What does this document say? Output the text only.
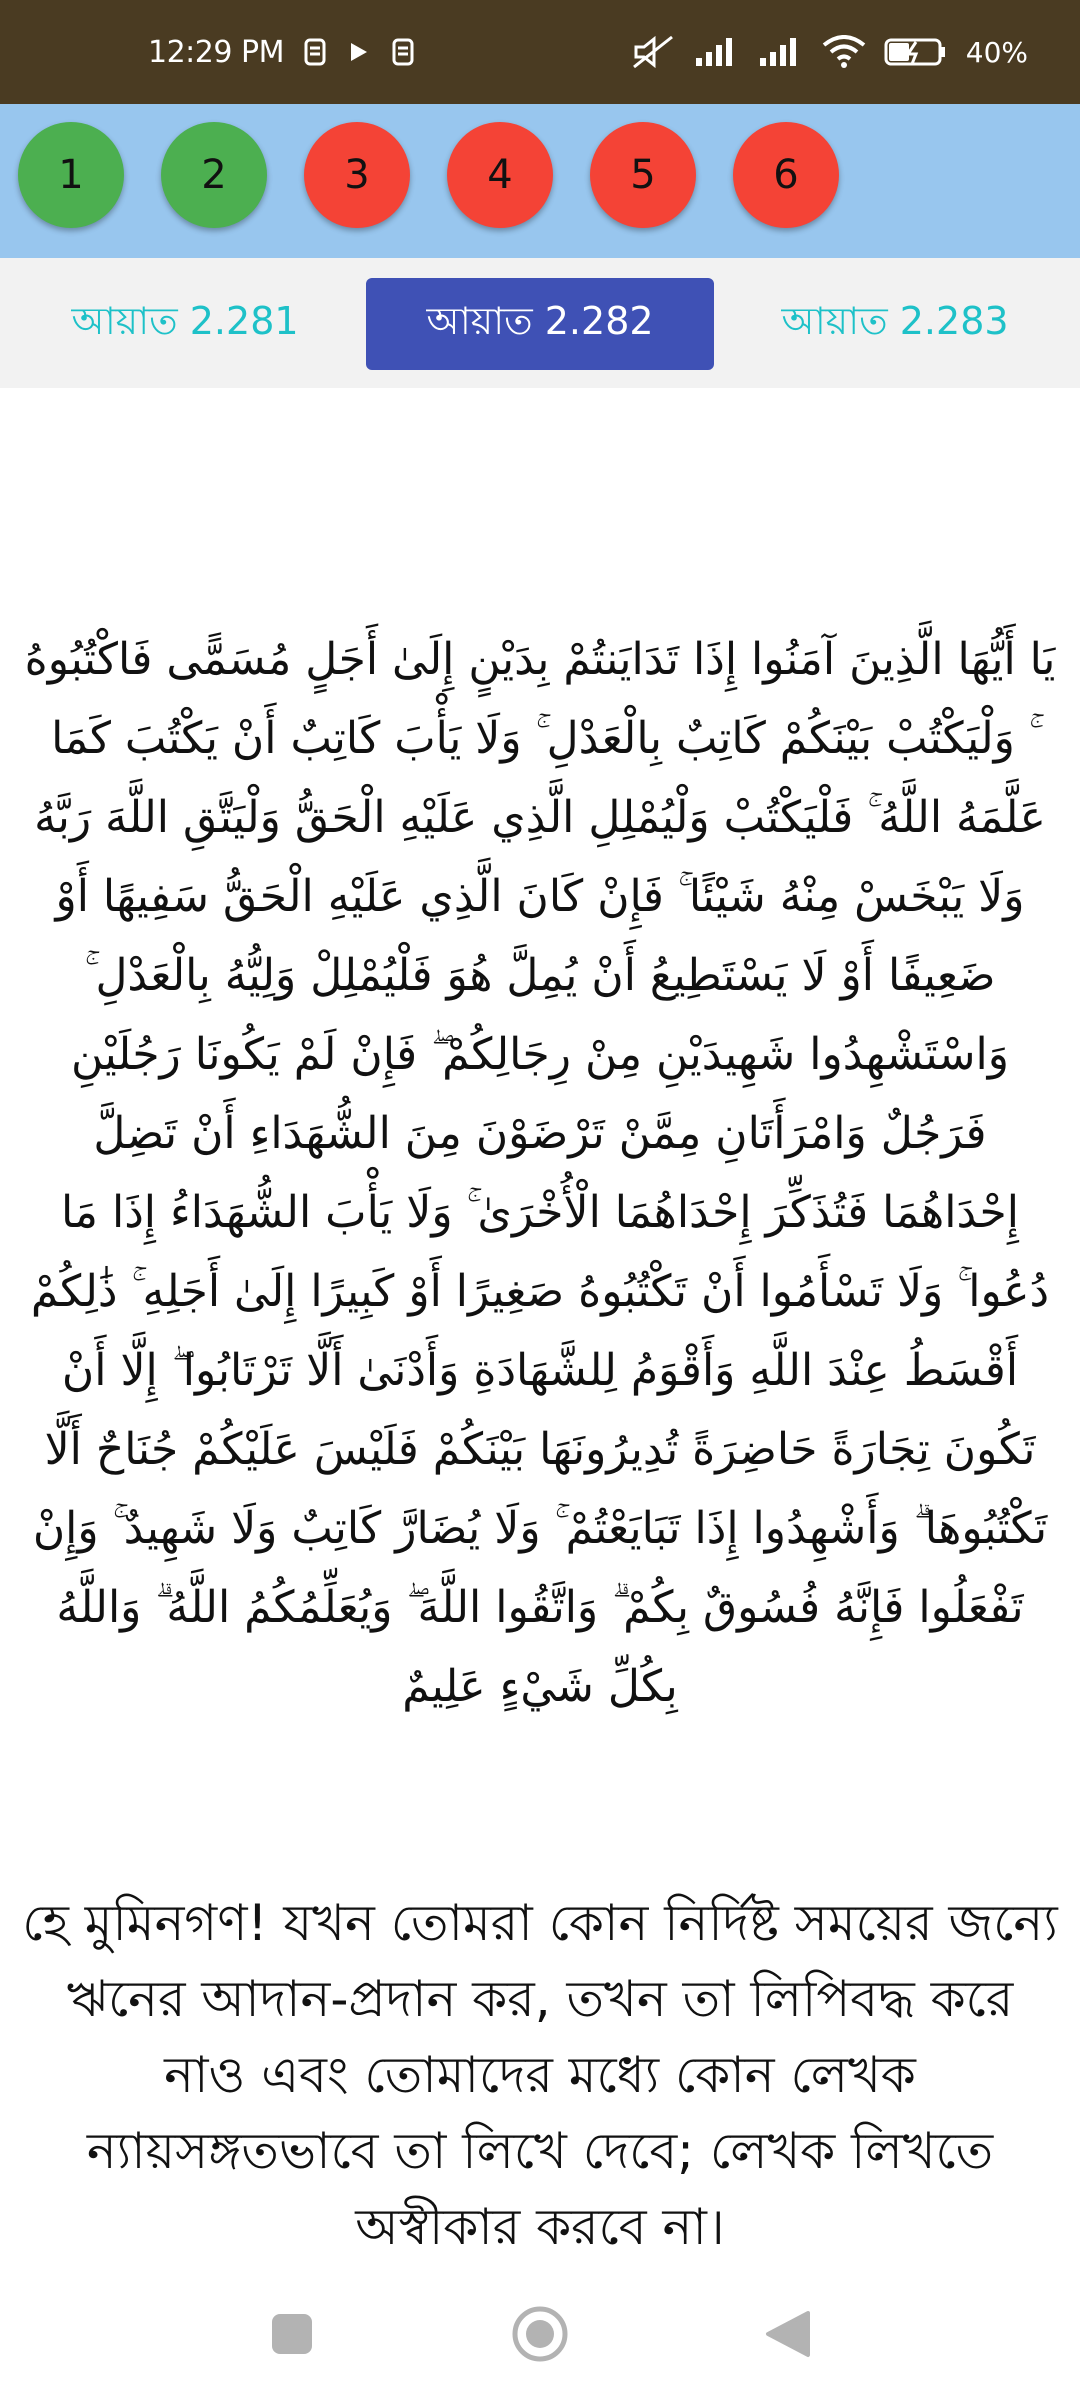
12:29 PM	40%
1	2	3	4	5	6
আয়াত 2.281	আয়াত 2.282	আয়াত 2.283
يَا أَيُّهَا الَّذِينَ آمَنُوا إِذَا تَدَايَنتُمْ بِدَيْنٍ إِلَىٰ أَجَلٍ مُسَمًّى فَاكْتُبُوهُ ۚ وَلْيَكْتُبْ بَيْنَكُمْ كَاتِبٌ بِالْعَدْلِ ۚ وَلَا يَأْبَ كَاتِبٌ أَنْ يَكْتُبَ كَمَا عَلَّمَهُ اللَّهُ ۚ فَلْيَكْتُبْ وَلْيُمْلِلِ الَّذِي عَلَيْهِ الْحَقُّ وَلْيَتَّقِ اللَّهَ رَبَّهُ وَلَا يَبْخَسْ مِنْهُ شَيْئًا ۚ فَإِنْ كَانَ الَّذِي عَلَيْهِ الْحَقُّ سَفِيهًا أَوْ ضَعِيفًا أَوْ لَا يَسْتَطِيعُ أَنْ يُمِلَّ هُوَ فَلْيُمْلِلْ وَلِيُّهُ بِالْعَدْلِ ۚ وَاسْتَشْهِدُوا شَهِيدَيْنِ مِنْ رِجَالِكُمْ ۖ فَإِنْ لَمْ يَكُونَا رَجُلَيْنِ فَرَجُلٌ وَامْرَأَتَانِ مِمَّنْ تَرْضَوْنَ مِنَ الشُّهَدَاءِ أَنْ تَضِلَّ إِحْدَاهُمَا فَتُذَكِّرَ إِحْدَاهُمَا الْأُخْرَىٰ ۚ وَلَا يَأْبَ الشُّهَدَاءُ إِذَا مَا دُعُوا ۚ وَلَا تَسْأَمُوا أَنْ تَكْتُبُوهُ صَغِيرًا أَوْ كَبِيرًا إِلَىٰ أَجَلِهِ ۚ ذَٰلِكُمْ أَقْسَطُ عِنْدَ اللَّهِ وَأَقْوَمُ لِلشَّهَادَةِ وَأَدْنَىٰ أَلَّا تَرْتَابُوا ۖ إِلَّا أَنْ تَكُونَ تِجَارَةً حَاضِرَةً تُدِيرُونَهَا بَيْنَكُمْ فَلَيْسَ عَلَيْكُمْ جُنَاحٌ أَلَّا تَكْتُبُوهَا ۗ وَأَشْهِدُوا إِذَا تَبَايَعْتُمْ ۚ وَلَا يُضَارَّ كَاتِبٌ وَلَا شَهِيدٌ ۚ وَإِنْ تَفْعَلُوا فَإِنَّهُ فُسُوقٌ بِكُمْ ۗ وَاتَّقُوا اللَّهَ ۖ وَيُعَلِّمُكُمُ اللَّهُ ۗ وَاللَّهُ بِكُلِّ شَيْءٍ عَلِيمٌ
হে মুমিনগণ! যখন তোমরা কোন নির্দিষ্ট সময়ের জন্যে ঋনের আদান-প্রদান কর, তখন তা লিপিবদ্ধ করে নাও এবং তোমাদের মধ্যে কোন লেখক ন্যায়সঙ্গতভাবে তা লিখে দেবে; লেখক লিখতে অস্বীকার করবে না।
